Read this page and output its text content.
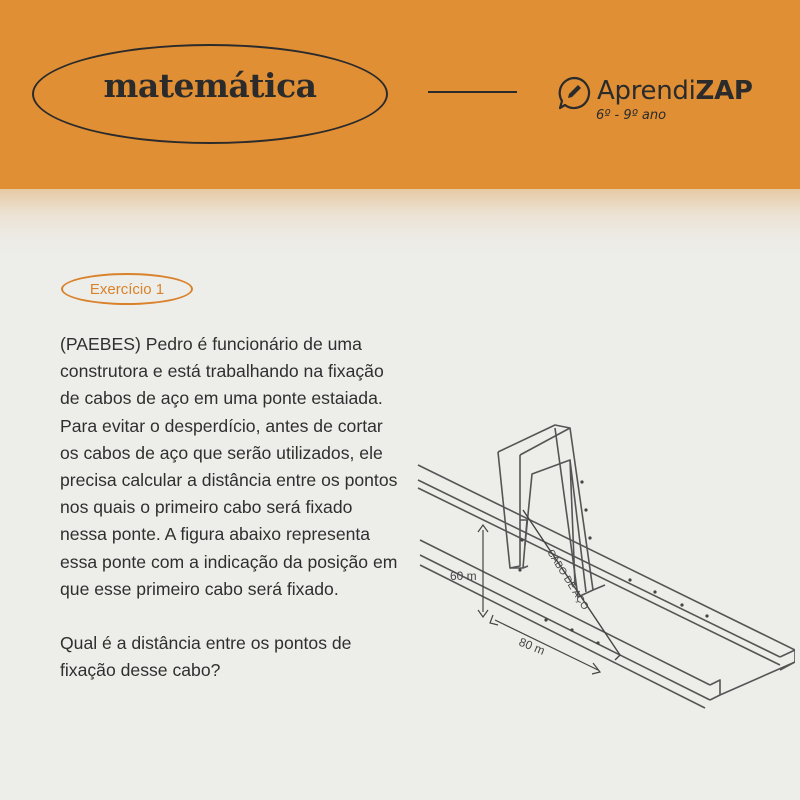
matemática	AprendiZAP
6º - 9º ano
Exercício 1

(PAEBES) Pedro é funcionário de uma construtora e está trabalhando na fixação de cabos de aço em uma ponte estaiada. Para evitar o desperdício, antes de cortar os cabos de aço que serão utilizados, ele precisa calcular a distância entre os pontos nos quais o primeiro cabo será fixado nessa ponte. A figura abaixo representa essa ponte com a indicação da posição em que esse primeiro cabo será fixado.

Qual é a distância entre os pontos de fixação desse cabo?

60 m
80 m
CABO DE AÇO
